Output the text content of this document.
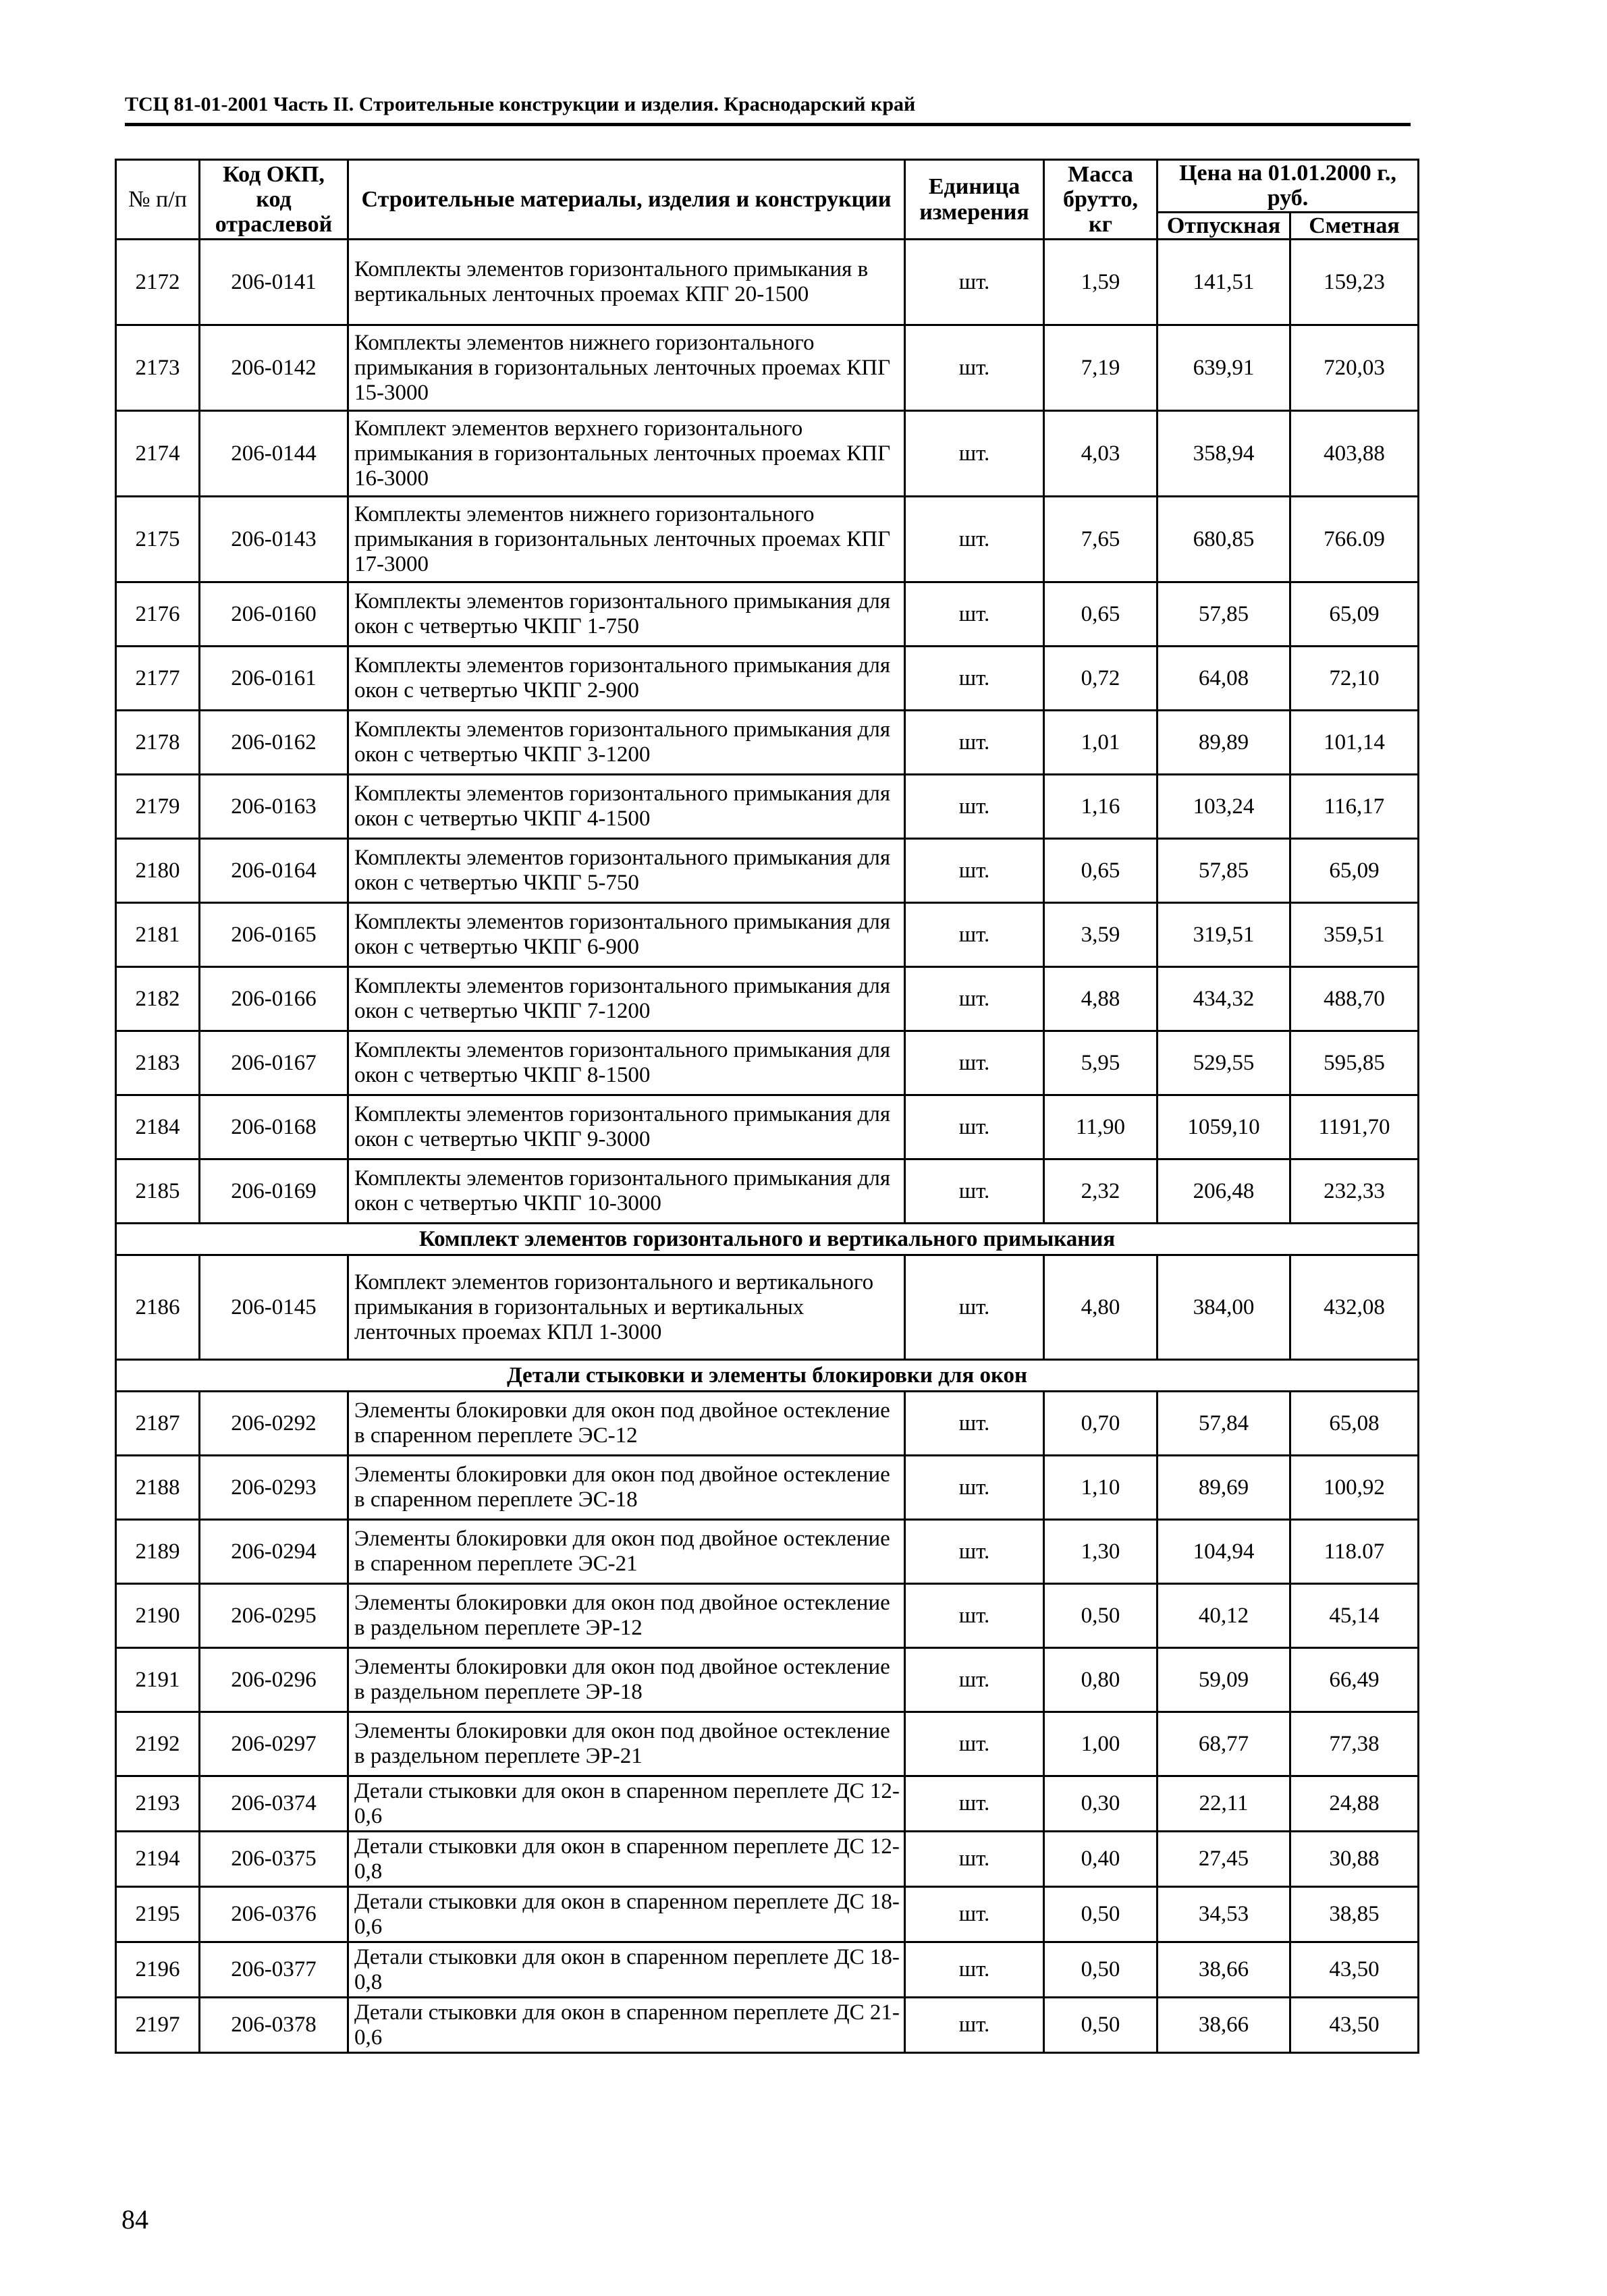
ТСЦ 81-01-2001 Часть II. Строительные конструкции и изделия. Краснодарский край
№ п/п	Код ОКП, код отраслевой	Строительные материалы, изделия и конструкции	Единица измерения	Масса брутто, кг	Цена на 01.01.2000 г., руб.	
					Отпускная	Сметная
2172	206-0141	Комплекты элементов горизонтального примыкания в вертикальных ленточных проемах КПГ 20-1500	шт.	1,59	141,51	159,23
2173	206-0142	Комплекты элементов нижнего горизонтального примыкания в горизонтальных ленточных проемах КПГ 15-3000	шт.	7,19	639,91	720,03
2174	206-0144	Комплект элементов верхнего горизонтального примыкания в горизонтальных ленточных проемах КПГ 16-3000	шт.	4,03	358,94	403,88
2175	206-0143	Комплекты элементов нижнего горизонтального примыкания в горизонтальных ленточных проемах КПГ 17-3000	шт.	7,65	680,85	766.09
2176	206-0160	Комплекты элементов горизонтального примыкания для окон с четвертью ЧКПГ 1-750	шт.	0,65	57,85	65,09
2177	206-0161	Комплекты элементов горизонтального примыкания для окон с четвертью ЧКПГ 2-900	шт.	0,72	64,08	72,10
2178	206-0162	Комплекты элементов горизонтального примыкания для окон с четвертью ЧКПГ 3-1200	шт.	1,01	89,89	101,14
2179	206-0163	Комплекты элементов горизонтального примыкания для окон с четвертью ЧКПГ 4-1500	шт.	1,16	103,24	116,17
2180	206-0164	Комплекты элементов горизонтального примыкания для окон с четвертью ЧКПГ 5-750	шт.	0,65	57,85	65,09
2181	206-0165	Комплекты элементов горизонтального примыкания для окон с четвертью ЧКПГ 6-900	шт.	3,59	319,51	359,51
2182	206-0166	Комплекты элементов горизонтального примыкания для окон с четвертью ЧКПГ 7-1200	шт.	4,88	434,32	488,70
2183	206-0167	Комплекты элементов горизонтального примыкания для окон с четвертью ЧКПГ 8-1500	шт.	5,95	529,55	595,85
2184	206-0168	Комплекты элементов горизонтального примыкания для окон с четвертью ЧКПГ 9-3000	шт.	11,90	1059,10	1191,70
2185	206-0169	Комплекты элементов горизонтального примыкания для окон с четвертью ЧКПГ 10-3000	шт.	2,32	206,48	232,33
Комплект элементов горизонтального и вертикального примыкания						
2186	206-0145	Комплект элементов горизонтального и вертикального примыкания в горизонтальных и вертикальных ленточных проемах КПЛ 1-3000	шт.	4,80	384,00	432,08
Детали стыковки и элементы блокировки для окон						
2187	206-0292	Элементы блокировки для окон под двойное остекление в спаренном переплете ЭС-12	шт.	0,70	57,84	65,08
2188	206-0293	Элементы блокировки для окон под двойное остекление в спаренном переплете ЭС-18	шт.	1,10	89,69	100,92
2189	206-0294	Элементы блокировки для окон под двойное остекление в спаренном переплете ЭС-21	шт.	1,30	104,94	118.07
2190	206-0295	Элементы блокировки для окон под двойное остекление в раздельном переплете ЭР-12	шт.	0,50	40,12	45,14
2191	206-0296	Элементы блокировки для окон под двойное остекление в раздельном переплете ЭР-18	шт.	0,80	59,09	66,49
2192	206-0297	Элементы блокировки для окон под двойное остекление в раздельном переплете ЭР-21	шт.	1,00	68,77	77,38
2193	206-0374	Детали стыковки для окон в спаренном переплете ДС 12-0,6	шт.	0,30	22,11	24,88
2194	206-0375	Детали стыковки для окон в спаренном переплете ДС 12-0,8	шт.	0,40	27,45	30,88
2195	206-0376	Детали стыковки для окон в спаренном переплете ДС 18-0,6	шт.	0,50	34,53	38,85
2196	206-0377	Детали стыковки для окон в спаренном переплете ДС 18-0,8	шт.	0,50	38,66	43,50
2197	206-0378	Детали стыковки для окон в спаренном переплете ДС 21-0,6	шт.	0,50	38,66	43,50
84
